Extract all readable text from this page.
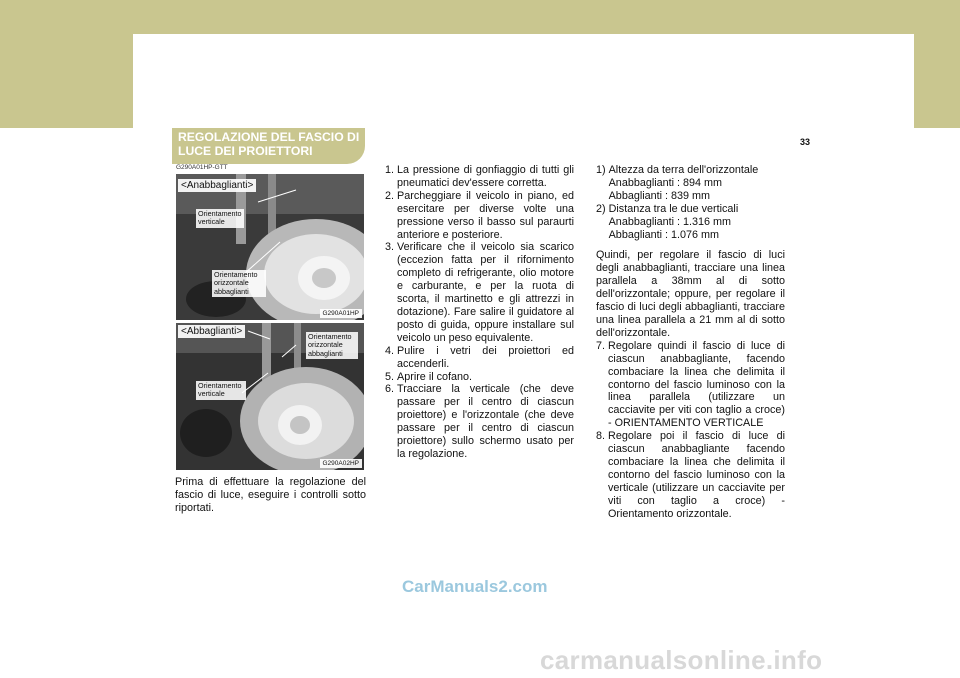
6
MANUTENZIONE "FAI-DA-TE"
33
REGOLAZIONE DEL FASCIO DI LUCE DEI PROIETTORI
G290A01HP-GTT
<Anabbaglianti>
Orientamento verticale
Orientamento orizzontale abbaglianti
G290A01HP
<Abbaglianti>	Orientamento orizzontale abbaglianti
Orientamento verticale
G290A02HP
Prima di effettuare la regolazione del fascio di luce, eseguire i controlli sotto riportati.
1. La pressione di gonfiaggio di tutti gli pneumatici dev'essere corretta.
2. Parcheggiare il veicolo in piano, ed esercitare per diverse volte una pressione verso il basso sul paraurti anteriore e posteriore.
3. Verificare che il veicolo sia scarico (eccezion fatta per il rifornimento completo di refrigerante, olio motore e carburante, e per la ruota di scorta, il martinetto e gli attrezzi in dotazione). Fare salire il guidatore al posto di guida, oppure installare sul veicolo un peso equivalente.
4. Pulire i vetri dei proiettori ed accenderli.
5. Aprire il cofano.
6. Tracciare la verticale (che deve passare per il centro di ciascun proiettore) e l'orizzontale (che deve passare per il centro di ciascun proiettore) sullo schermo usato per la regolazione.
1) Altezza da terra dell'orizzontale
Anabbaglianti : 894 mm
Abbaglianti : 839 mm
2) Distanza tra le due verticali
Anabbaglianti : 1.316 mm
Abbaglianti : 1.076 mm
Quindi, per regolare il fascio di luci degli anabbaglianti, tracciare una linea parallela a 38mm al di sotto dell'orizzontale; oppure, per regolare il fascio di luci degli abbaglianti, tracciare una linea parallela a 21 mm al di sotto dell'orizzontale.
7. Regolare quindi il fascio di luce di ciascun anabbagliante, facendo combaciare la linea che delimita il contorno del fascio luminoso con la linea parallela (utilizzare un cacciavite per viti con taglio a croce) - ORIENTAMENTO VERTICALE
8. Regolare poi il fascio di luce di ciascun anabbagliante facendo combaciare la linea che delimita il contorno del fascio luminoso con la verticale (utilizzare un cacciavite per viti con taglio a croce) - Orientamento orizzontale.
CarManuals2.com
carmanualsonline.info
